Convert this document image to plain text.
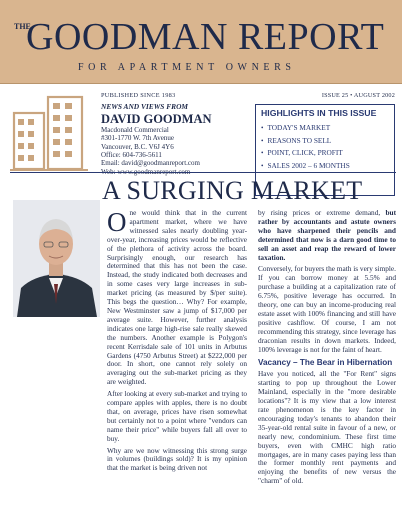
THE
GOODMAN REPORT
FOR APARTMENT OWNERS
PUBLISHED SINCE 1983
NEWS AND VIEWS FROM
DAVID GOODMAN
Macdonald Commercial
#301-1770 W. 7th Avenue
Vancouver, B.C. V6J 4Y6
Office: 604-736-5611
Email: david@goodmanreport.com
ISSUE 25 • AUGUST 2002
HIGHLIGHTS IN THIS ISSUE
• TODAY'S MARKET
• REASONS TO SELL
• POINT, CLICK, PROFIT
• SALES 2002 – 6 MONTHS
A SURGING MARKET

One would think that in the current apartment market, where we have witnessed sales nearly doubling year-over-year, increasing prices would be reflective of the plethora of activity across the board. Surprisingly enough, our research has determined that this has not been the case. Instead, the study indicated both decreases and in some cases very large increases in sub-market pricing (as measured by $/per suite). This begs the question… Why? For example, New Westminster saw a jump of $17,000 per average suite. However, further analysis indicates one large high-rise sale really skewed the numbers. Another example is Polygon's recent Kerrisdale sale of 101 units in Arbutus Gardens (4750 Arbutus Street) at $222,000 per door. In short, one cannot rely solely on averaging out the sub-market pricing as they are weighted.

After looking at every sub-market and trying to compare apples with apples, there is no doubt that, on average, prices have risen somewhat but certainly not to a point where "vendors can name their price" while buyers fall all over to buy.

Why are we now witnessing this strong surge in volumes (buildings sold)? It is my opinion that the market is being driven not

by rising prices or extreme demand, but rather by accountants and astute owners who have sharpened their pencils and determined that now is a darn good time to sell an asset and reap the reward of lower taxation.

Conversely, for buyers the math is very simple. If you can borrow money at 5.5% and purchase a building at a capitalization rate of 6.75%, positive leverage has occurred. In theory, one can buy an income-producing real estate asset with 100% financing and still have positive cashflow. Of course, I am not recommending this strategy, since leverage has draconian results in down markets. Indeed, 100% leverage is not for the faint of heart.

Vacancy – The Bear in Hibernation

Have you noticed, all the "For Rent" signs starting to pop up throughout the Lower Mainland, especially in the "more desirable locations"? It is my view that a low interest rate phenomenon is the key factor in encouraging today's tenants to abandon their 35-year-old rental suite in favour of a new, or nearly new, condominium. These first time buyers, even with CMHC high ratio mortgages, are in many cases paying less than the former monthly rent payments and enjoying the benefits of new versus the "charm" of old.
